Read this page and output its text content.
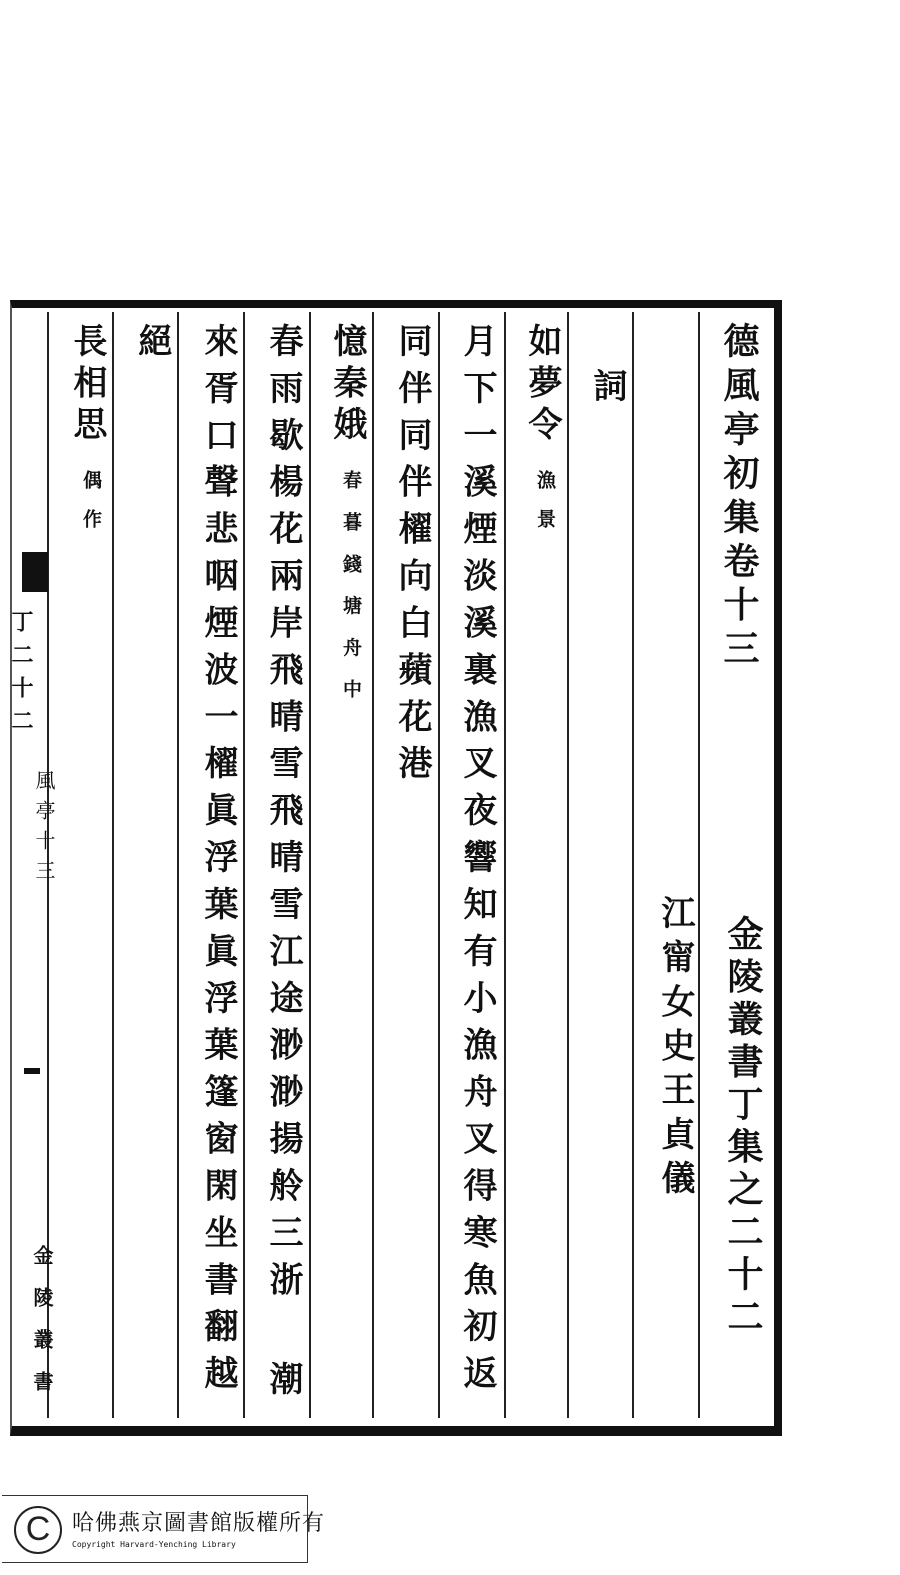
德風亭初集卷十三
金陵叢書丁集之二十二
江甯女史王貞儀
詞
如夢令
漁景
月下一溪煙淡溪裏漁叉夜響知有小漁舟叉得寒魚初返
同伴同伴櫂向白蘋花港
憶秦娥
春暮錢塘舟中
春雨歇楊花兩岸飛晴雪飛晴雪江途渺渺揚舲三浙 潮
來胥口聲悲咽煙波一櫂眞浮葉眞浮葉篷窗閑坐書翻越
絕
長相思
偶作
丁二十二
風亭十三
金陵叢書
C 哈佛燕京圖書館版權所有
Copyright Harvard-Yenching Library
